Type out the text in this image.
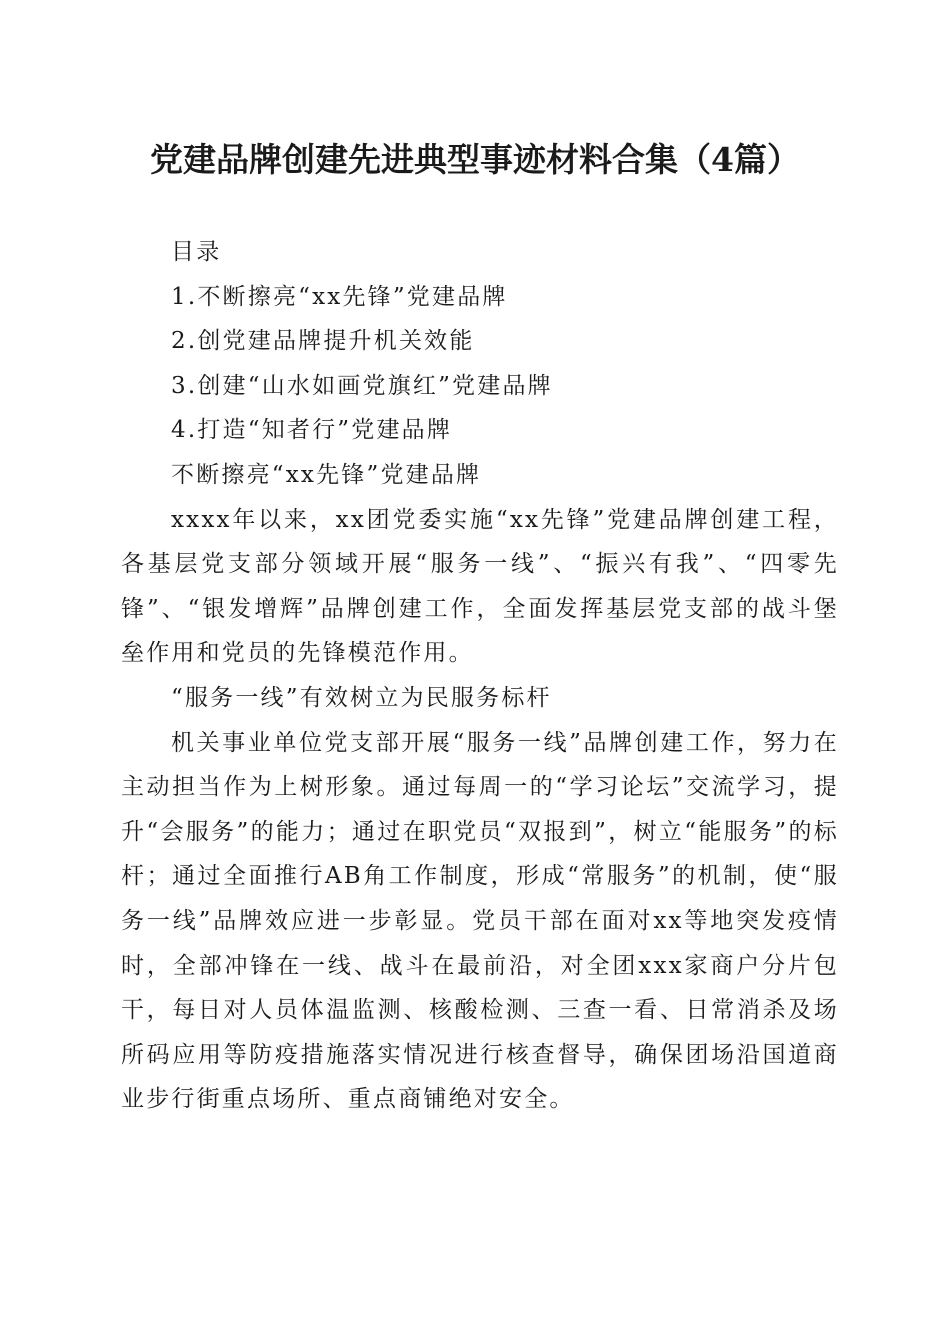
党建品牌创建先进典型事迹材料合集（4篇）

目录

1.不断擦亮“xx先锋”党建品牌

2.创党建品牌提升机关效能

3.创建“山水如画党旗红”党建品牌

4.打造“知者行”党建品牌

不断擦亮“xx先锋”党建品牌

xxxx年以来，xx团党委实施“xx先锋”党建品牌创建工程，各基层党支部分领域开展“服务一线”、“振兴有我”、“四零先锋”、“银发增辉”品牌创建工作，全面发挥基层党支部的战斗堡垒作用和党员的先锋模范作用。

“服务一线”有效树立为民服务标杆

机关事业单位党支部开展“服务一线”品牌创建工作，努力在主动担当作为上树形象。通过每周一的“学习论坛”交流学习，提升“会服务”的能力；通过在职党员“双报到”，树立“能服务”的标杆；通过全面推行AB角工作制度，形成“常服务”的机制，使“服务一线”品牌效应进一步彰显。党员干部在面对xx等地突发疫情时，全部冲锋在一线、战斗在最前沿，对全团xxx家商户分片包干，每日对人员体温监测、核酸检测、三查一看、日常消杀及场所码应用等防疫措施落实情况进行核查督导，确保团场沿国道商业步行街重点场所、重点商铺绝对安全。
